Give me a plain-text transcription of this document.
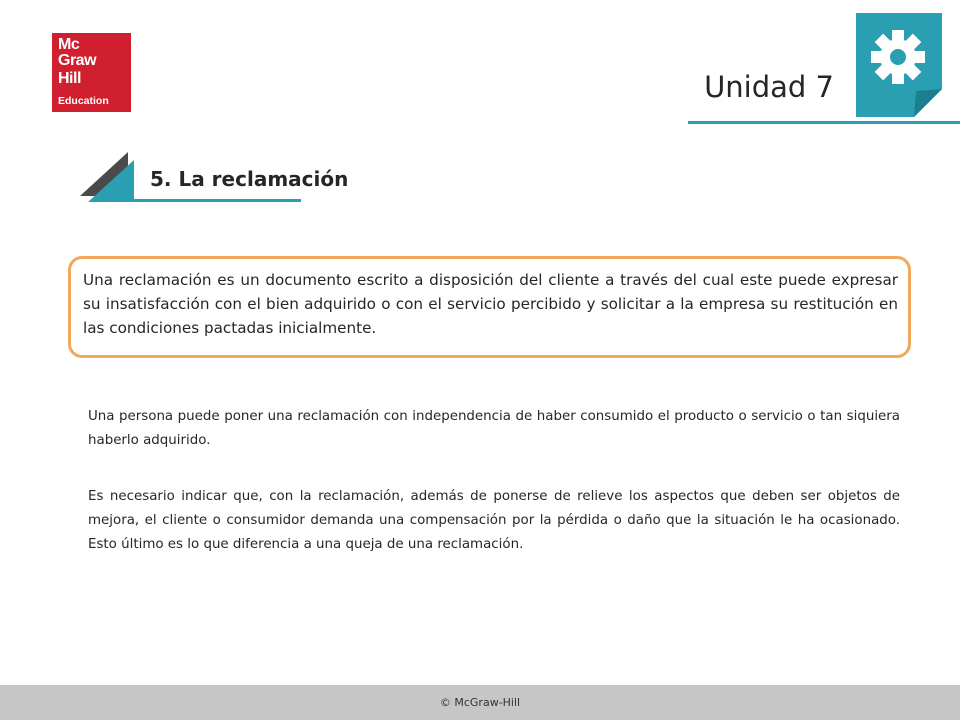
Mc
Graw
Hill
Education	Unidad 7
5. La reclamación
Una reclamación es un documento escrito a disposición del cliente a través del cual este puede expresar su insatisfacción con el bien adquirido o con el servicio percibido y solicitar a la empresa su restitución en las condiciones pactadas inicialmente.
Una persona puede poner una reclamación con independencia de haber consumido el producto o servicio o tan siquiera haberlo adquirido.
Es necesario indicar que, con la reclamación, además de ponerse de relieve los aspectos que deben ser objetos de mejora, el cliente o consumidor demanda una compensación por la pérdida o daño que la situación le ha ocasionado. Esto último es lo que diferencia a una queja de una reclamación.
© McGraw-Hill
